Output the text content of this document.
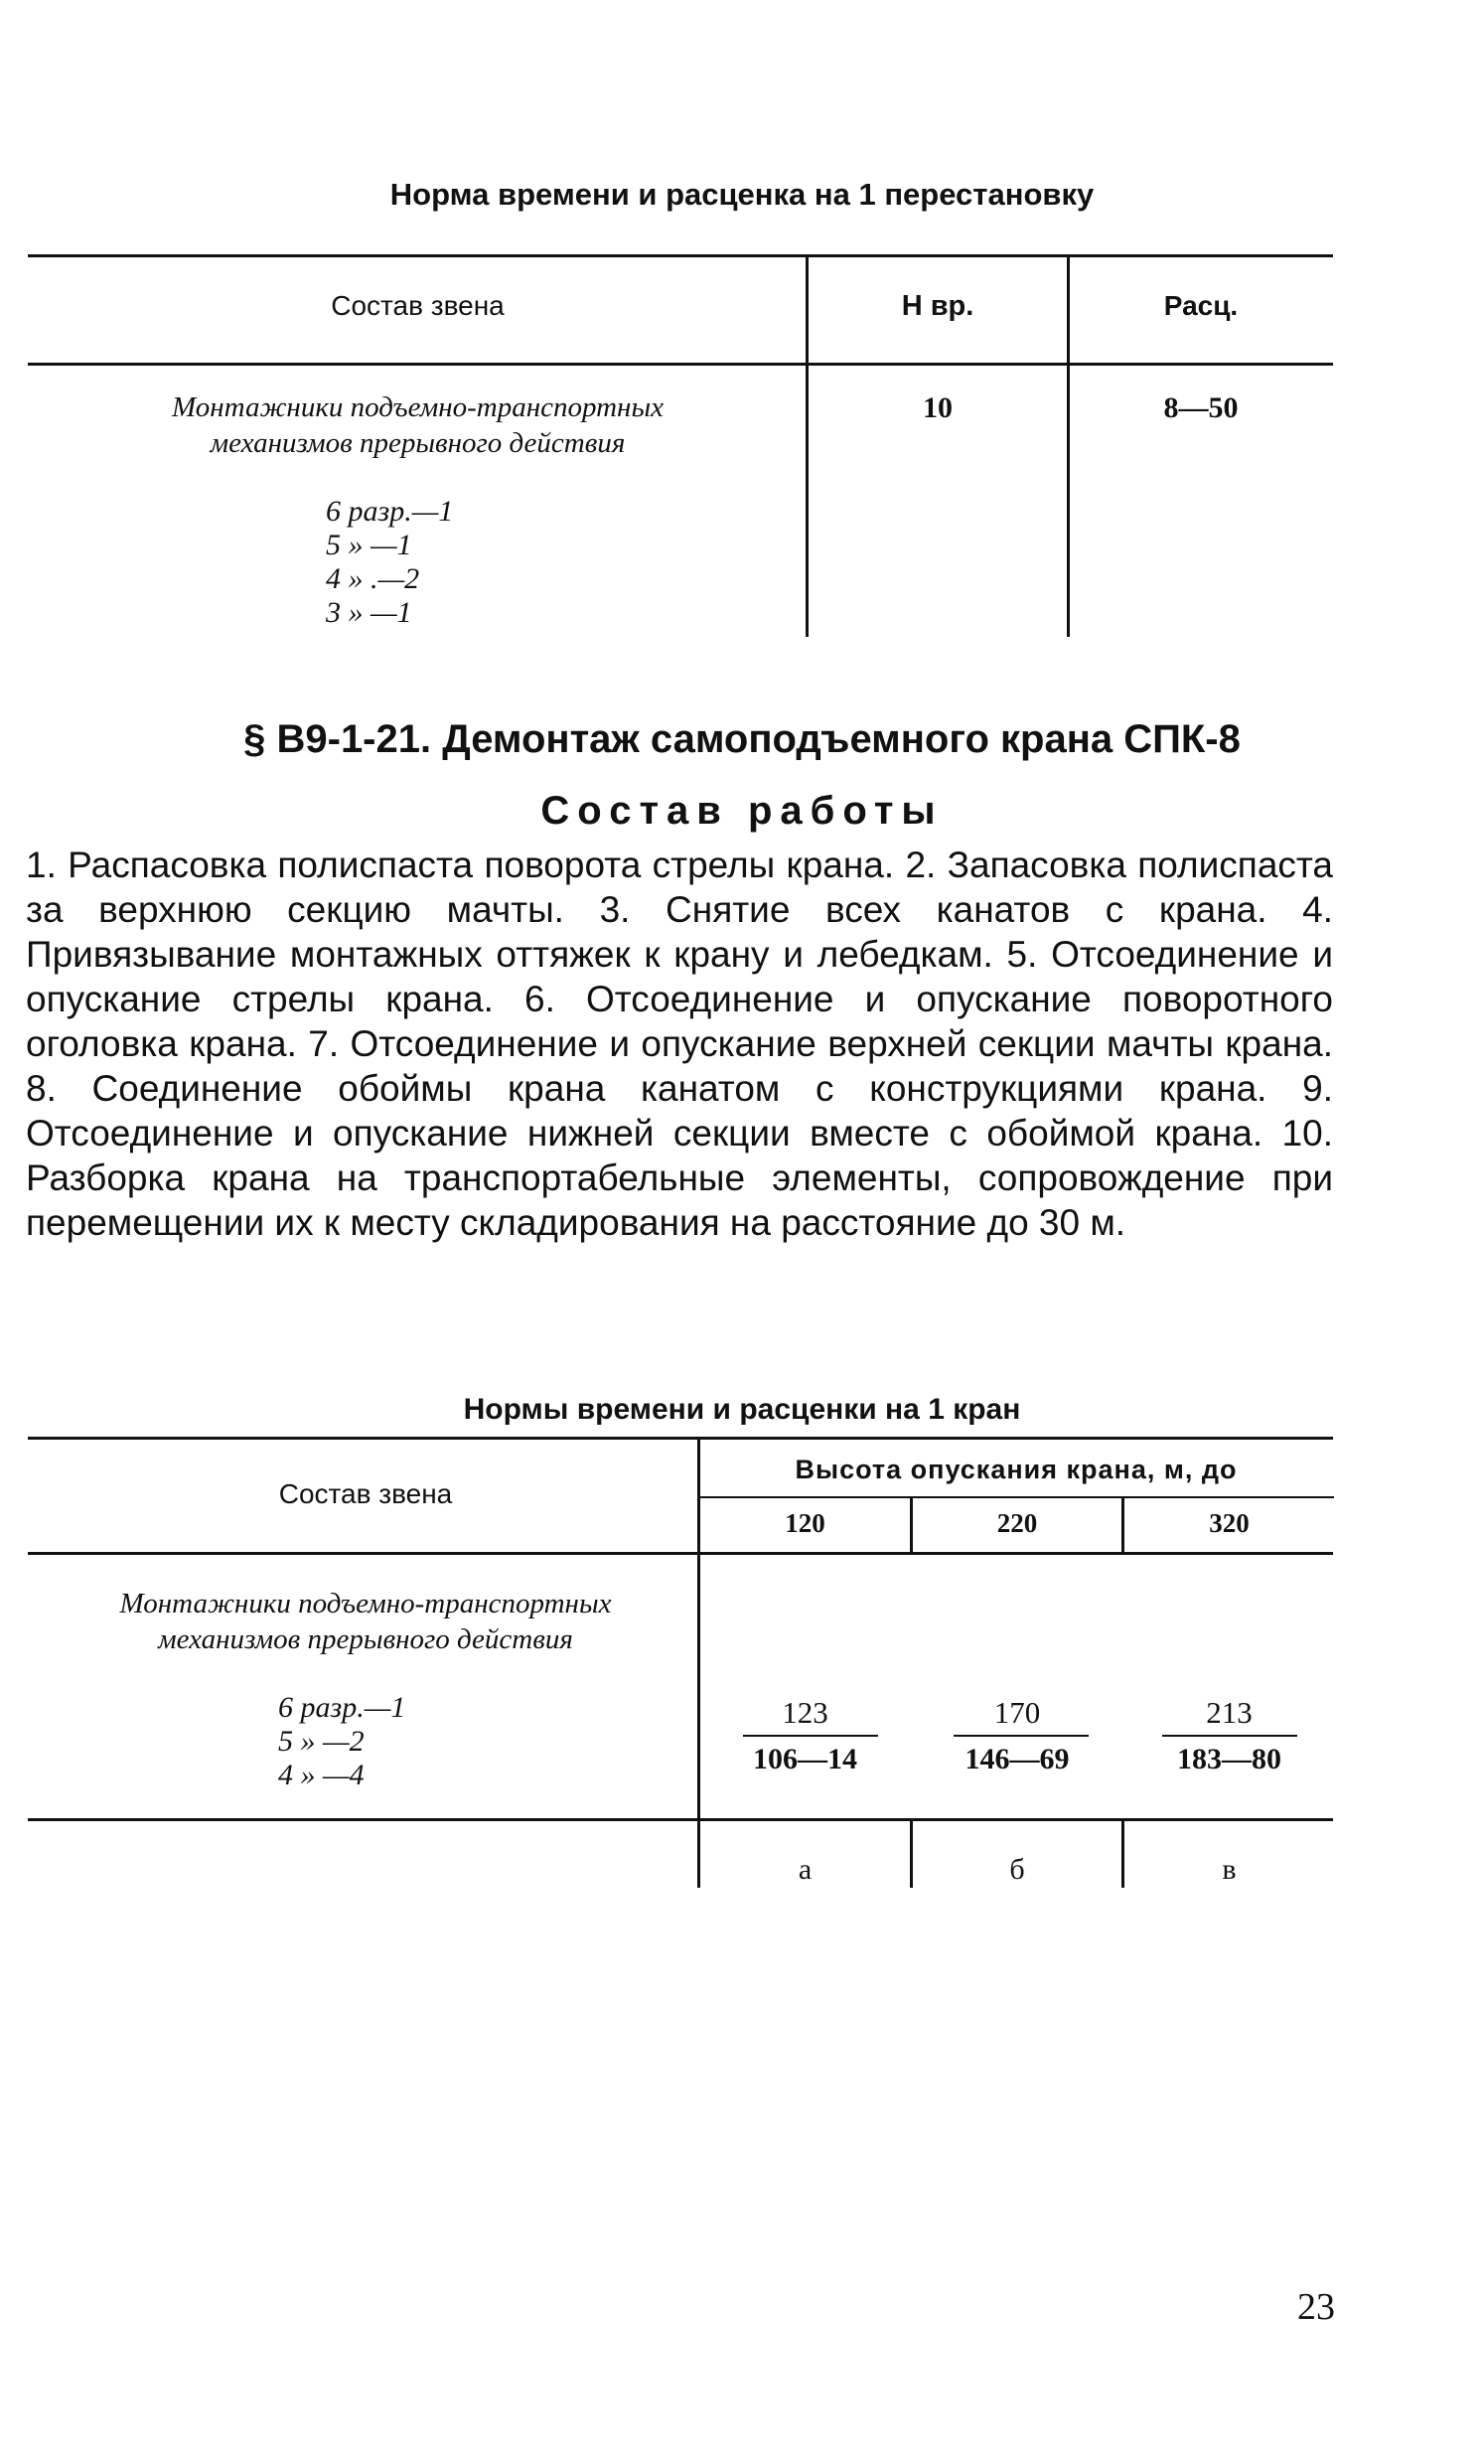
Норма времени и расценка на 1 перестановку
Состав звена	Н вр.	Расц.
Монтажники подъемно-транспортных
механизмов прерывного действия
6 разр.—1
5 » —1
4 » .—2
3 » —1
10	8—50
§ В9-1-21. Демонтаж самоподъемного крана СПК-8
Состав работы
1. Распасовка полиспаста поворота стрелы крана. 2. Запасовка полиспаста за верхнюю секцию мачты. 3. Снятие всех канатов с крана. 4. Привязывание монтажных оттяжек к крану и лебедкам. 5. Отсоединение и опускание стрелы крана. 6. Отсоединение и опускание поворотного оголовка крана. 7. Отсоединение и опускание верхней секции мачты крана. 8. Соединение обоймы крана канатом с конструкциями крана. 9. Отсоединение и опускание нижней секции вместе с обоймой крана. 10. Разборка крана на транспортабельные элементы, сопровождение при перемещении их к месту складирования на расстояние до 30 м.
Нормы времени и расценки на 1 кран
Состав звена
Высота опускания крана, м, до
120	220	320
Монтажники подъемно-транспортных
механизмов прерывного действия
6 разр.—1
5 » —2
4 » —4
123	170	213
106—14	146—69	183—80
а	б	в
23
